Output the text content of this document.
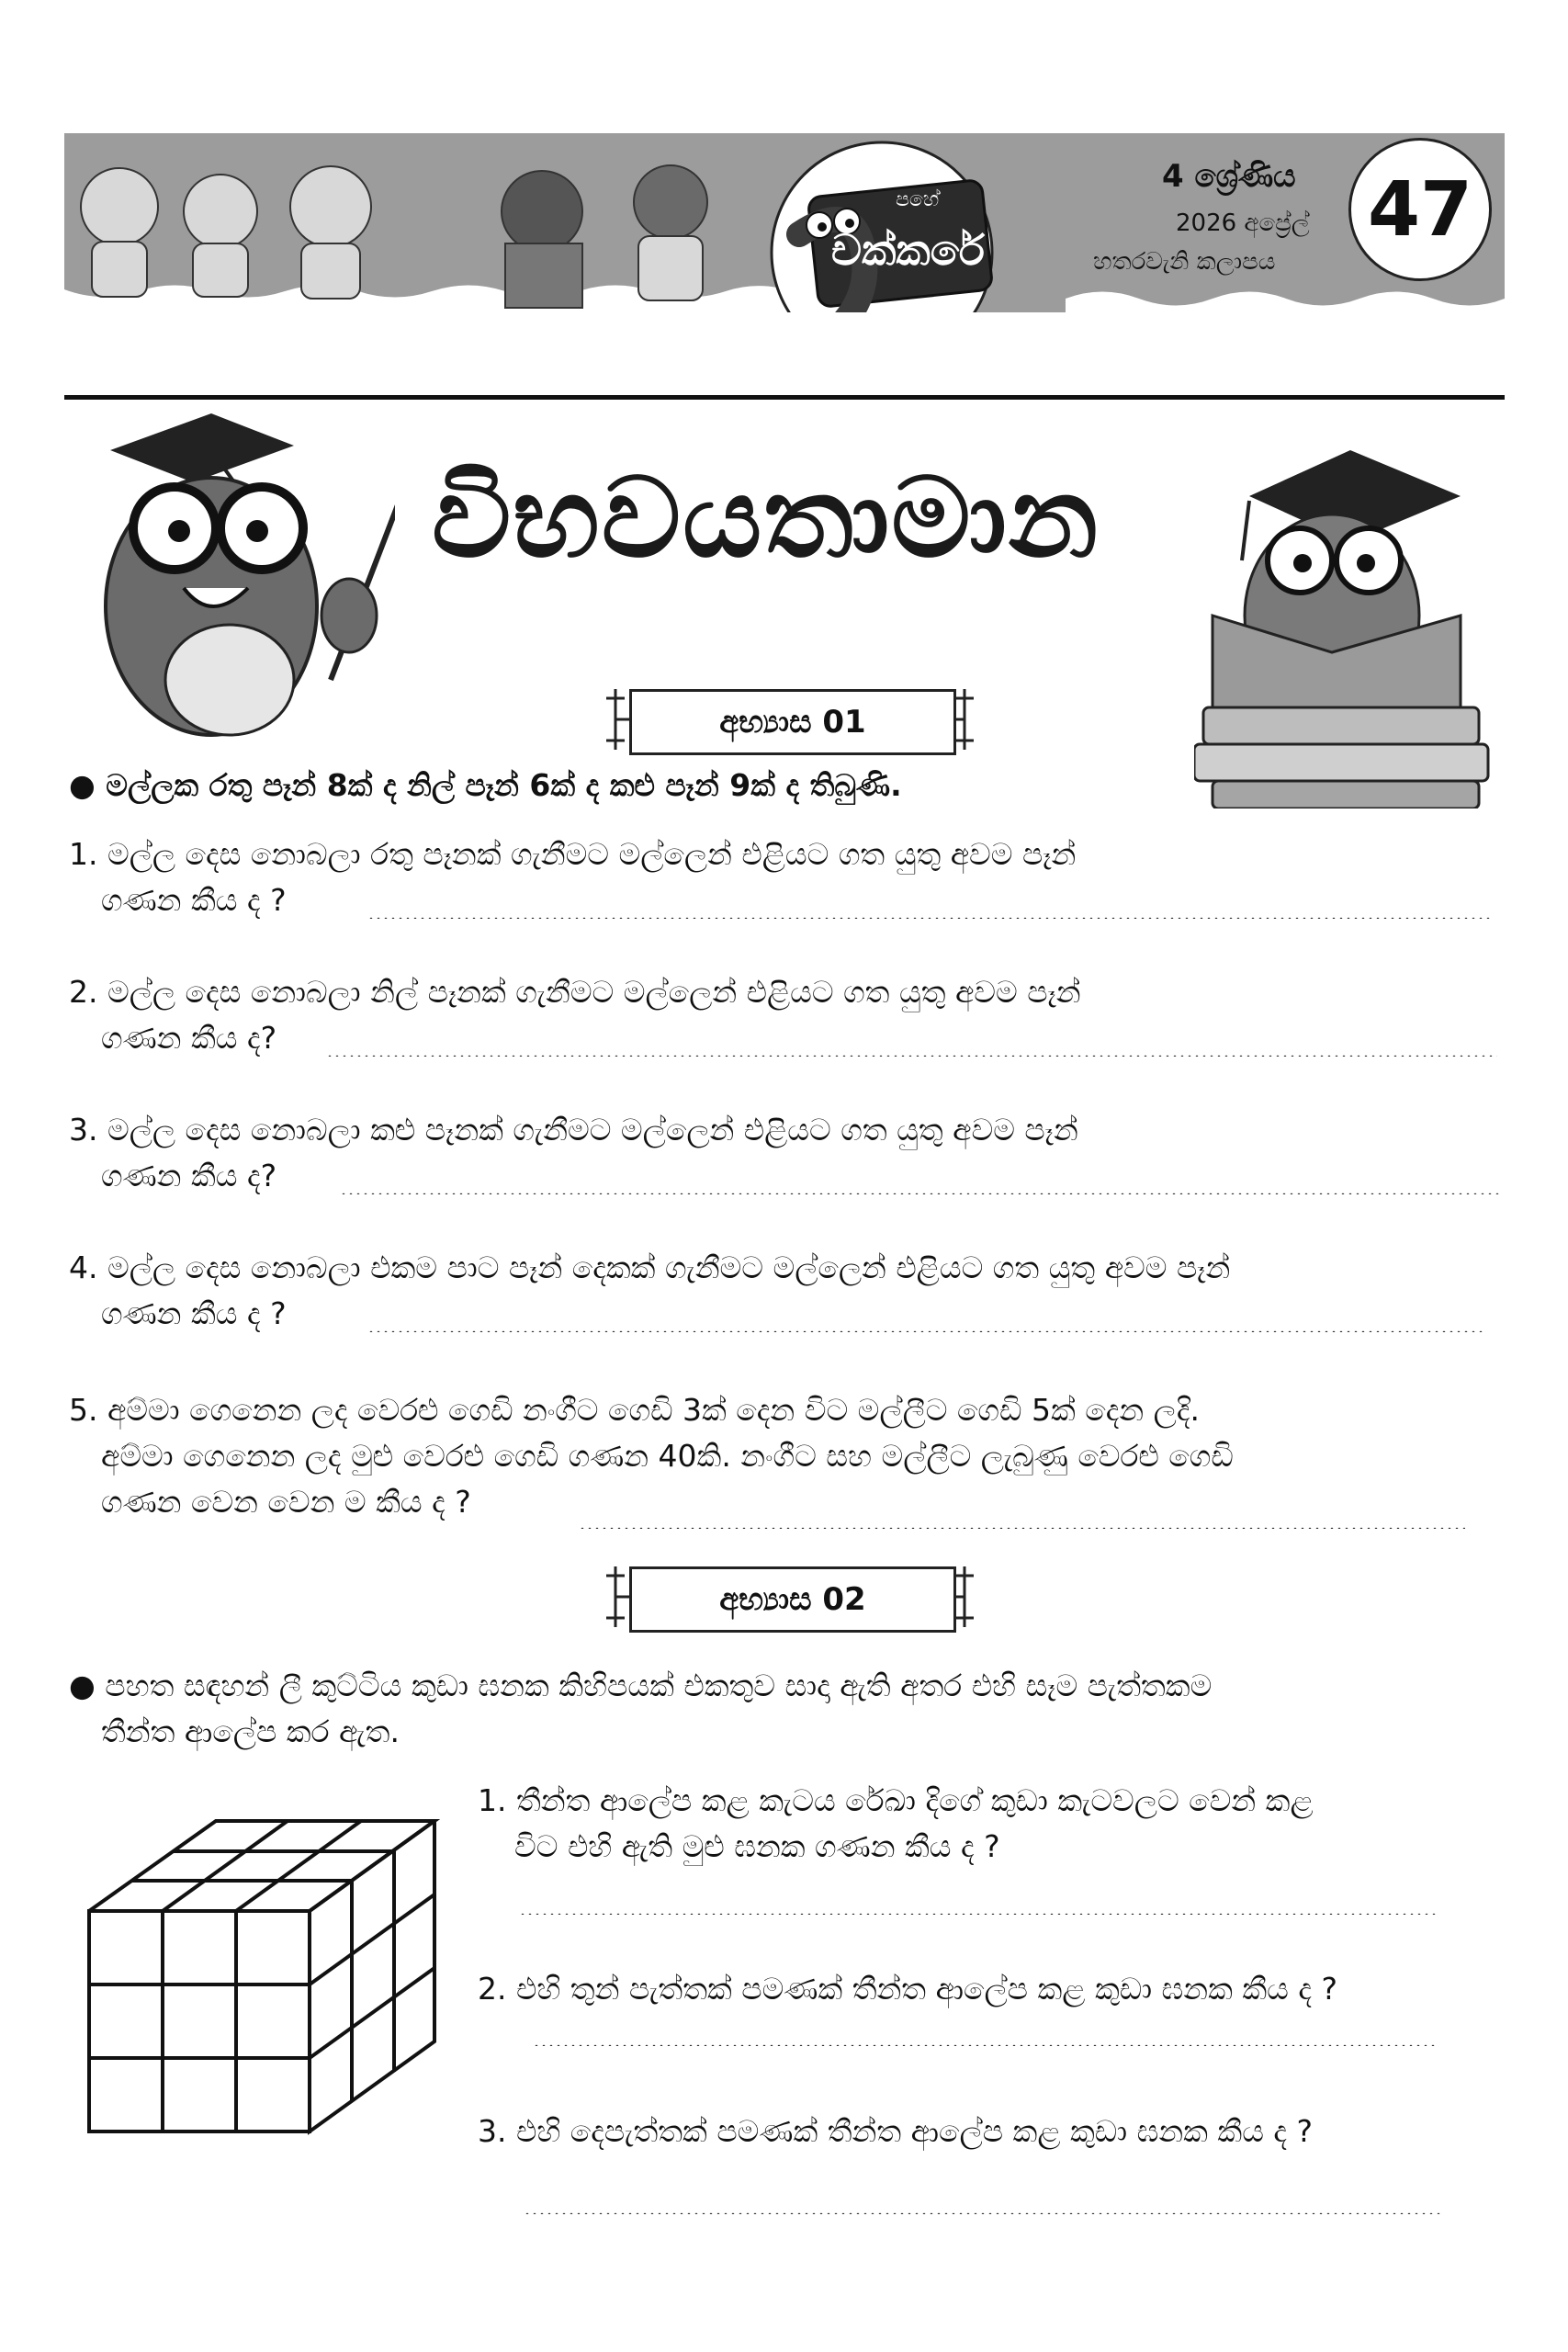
පහේ
චක්කරේ
4 ශ්‍රේණිය
2026 අප්‍රේල්
හතරවැනි කලාපය
47
විභවයතාමාන
අභ්‍යාස 01
● මල්ලක රතු පෑන් 8ක් ද නිල් පෑන් 6ක් ද කළු පෑන් 9ක් ද තිබුණි.
1. මල්ල දෙස නොබලා රතු පෑනක් ගැනීමට මල්ලෙන් එළියට ගත යුතු අවම පෑන්
ගණන කීය ද ?
2. මල්ල දෙස නොබලා නිල් පෑනක් ගැනීමට මල්ලෙන් එළියට ගත යුතු අවම පෑන්
ගණන කීය ද?
3. මල්ල දෙස නොබලා කළු පෑනක් ගැනීමට මල්ලෙන් එළියට ගත යුතු අවම පෑන්
ගණන කීය ද?
4. මල්ල දෙස නොබලා එකම පාට පෑන් දෙකක් ගැනීමට මල්ලෙන් එළියට ගත යුතු අවම පෑන්
ගණන කීය ද ?
5. අම්මා ගෙනෙන ලද වෙරළු ගෙඩි නංගීට ගෙඩි 3ක් දෙන විට මල්ලීට ගෙඩි 5ක් දෙන ලදි.
අම්මා ගෙනෙන ලද මුළු වෙරළු ගෙඩි ගණන 40කි. නංගීට සහ මල්ලීට ලැබුණු වෙරළු ගෙඩි
ගණන වෙන වෙන ම කීය ද ?
අභ්‍යාස 02
● පහත සඳහන් ලී කුට්ටිය කුඩා ඝනක කිහිපයක් එකතුව සාදා ඇති අතර එහි සෑම පැත්තකම
තීන්ත ආලේප කර ඇත.
1. තීන්ත ආලේප කළ කැටය රේඛා දිගේ කුඩා කැටවලට වෙන් කළ
විට එහි ඇති මුළු ඝනක ගණන කීය ද ?
2. එහි තුන් පැත්තක් පමණක් තීන්ත ආලේප කළ කුඩා ඝනක කීය ද ?
3. එහි දෙපැත්තක් පමණක් තීන්ත ආලේප කළ කුඩා ඝනක කීය ද ?
